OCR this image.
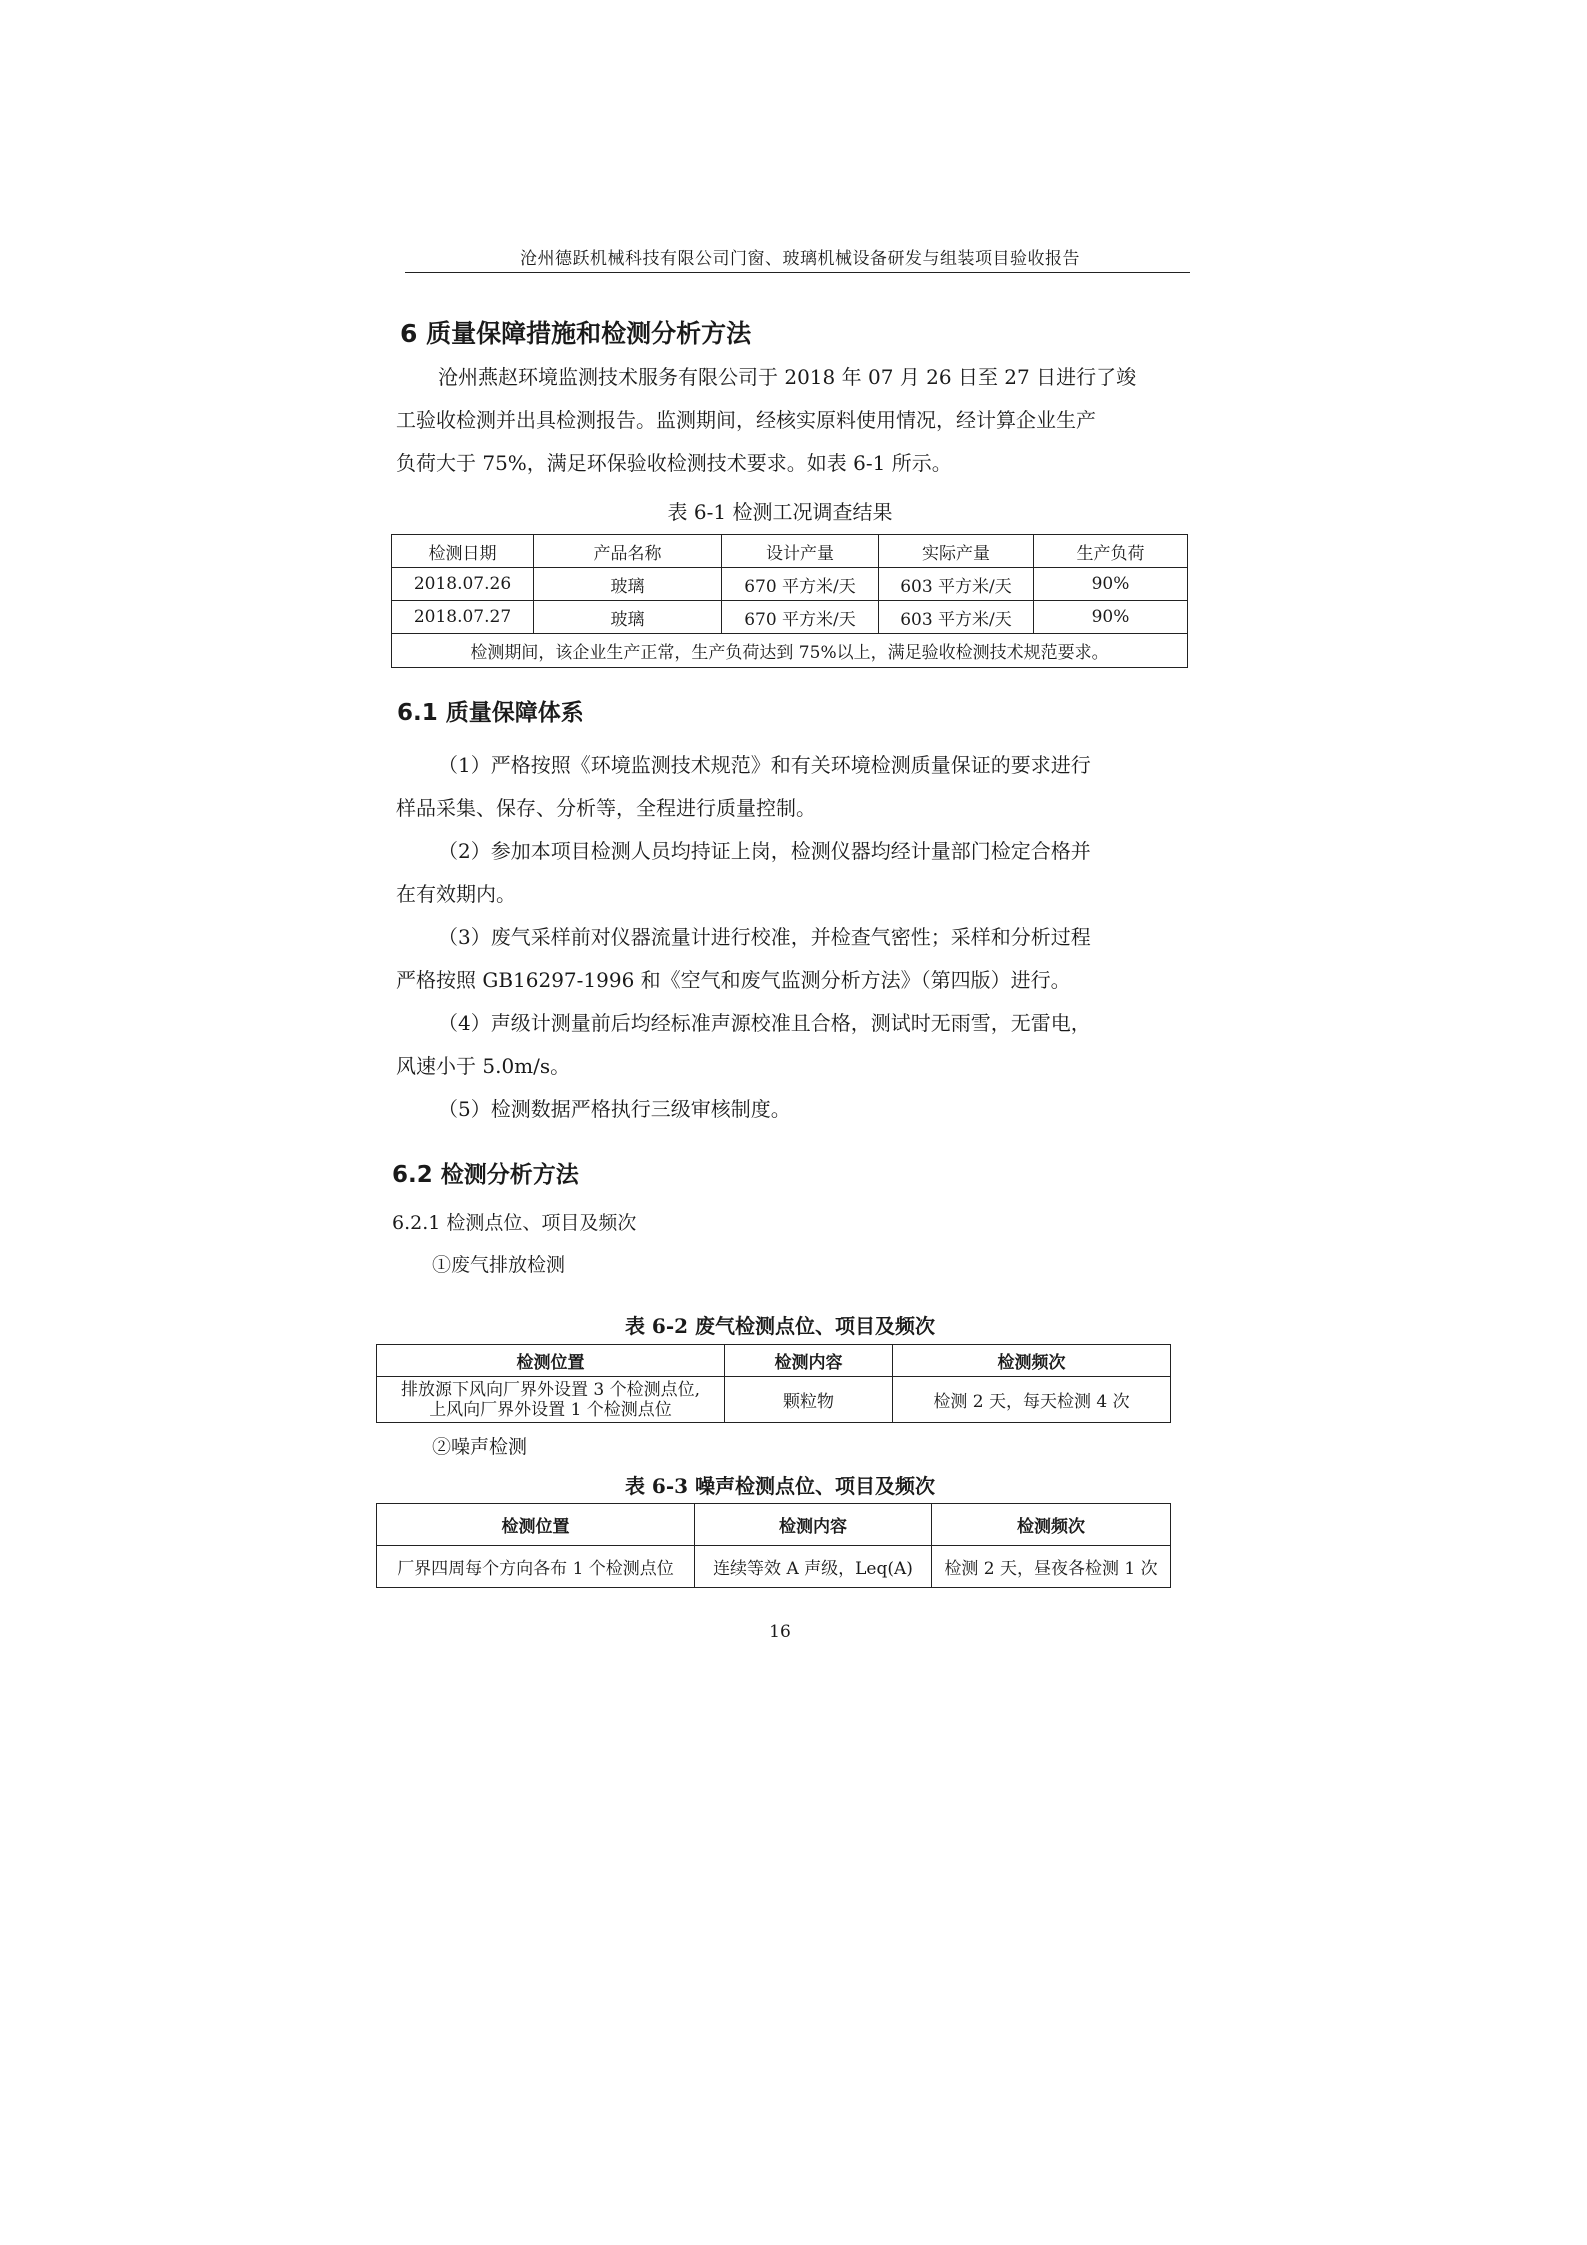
沧州德跃机械科技有限公司门窗、玻璃机械设备研发与组装项目验收报告
6 质量保障措施和检测分析方法
沧州燕赵环境监测技术服务有限公司于 2018 年 07 月 26 日至 27 日进行了竣
工验收检测并出具检测报告。监测期间，经核实原料使用情况，经计算企业生产
负荷大于 75%，满足环保验收检测技术要求。如表 6-1 所示。
表 6-1 检测工况调查结果
检测日期	产品名称	设计产量	实际产量	生产负荷
2018.07.26	玻璃	670 平方米/天	603 平方米/天	90%
2018.07.27	玻璃	670 平方米/天	603 平方米/天	90%
检测期间，该企业生产正常，生产负荷达到 75%以上，满足验收检测技术规范要求。				
6.1 质量保障体系
（1）严格按照《环境监测技术规范》和有关环境检测质量保证的要求进行
样品采集、保存、分析等，全程进行质量控制。
（2）参加本项目检测人员均持证上岗，检测仪器均经计量部门检定合格并
在有效期内。
（3）废气采样前对仪器流量计进行校准，并检查气密性；采样和分析过程
严格按照 GB16297-1996 和《空气和废气监测分析方法》（第四版）进行。
（4）声级计测量前后均经标准声源校准且合格，测试时无雨雪，无雷电，
风速小于 5.0m/s。
（5）检测数据严格执行三级审核制度。
6.2 检测分析方法
6.2.1 检测点位、项目及频次
①废气排放检测
表 6-2 废气检测点位、项目及频次
检测位置	检测内容	检测频次

排放源下风向厂界外设置 3 个检测点位,
上风向厂界外设置 1 个检测点位	颗粒物	检测 2 天，每天检测 4 次
②噪声检测
表 6-3 噪声检测点位、项目及频次
检测位置	检测内容	检测频次
厂界四周每个方向各布 1 个检测点位	连续等效 A 声级，Leq(A)	检测 2 天，昼夜各检测 1 次
16
